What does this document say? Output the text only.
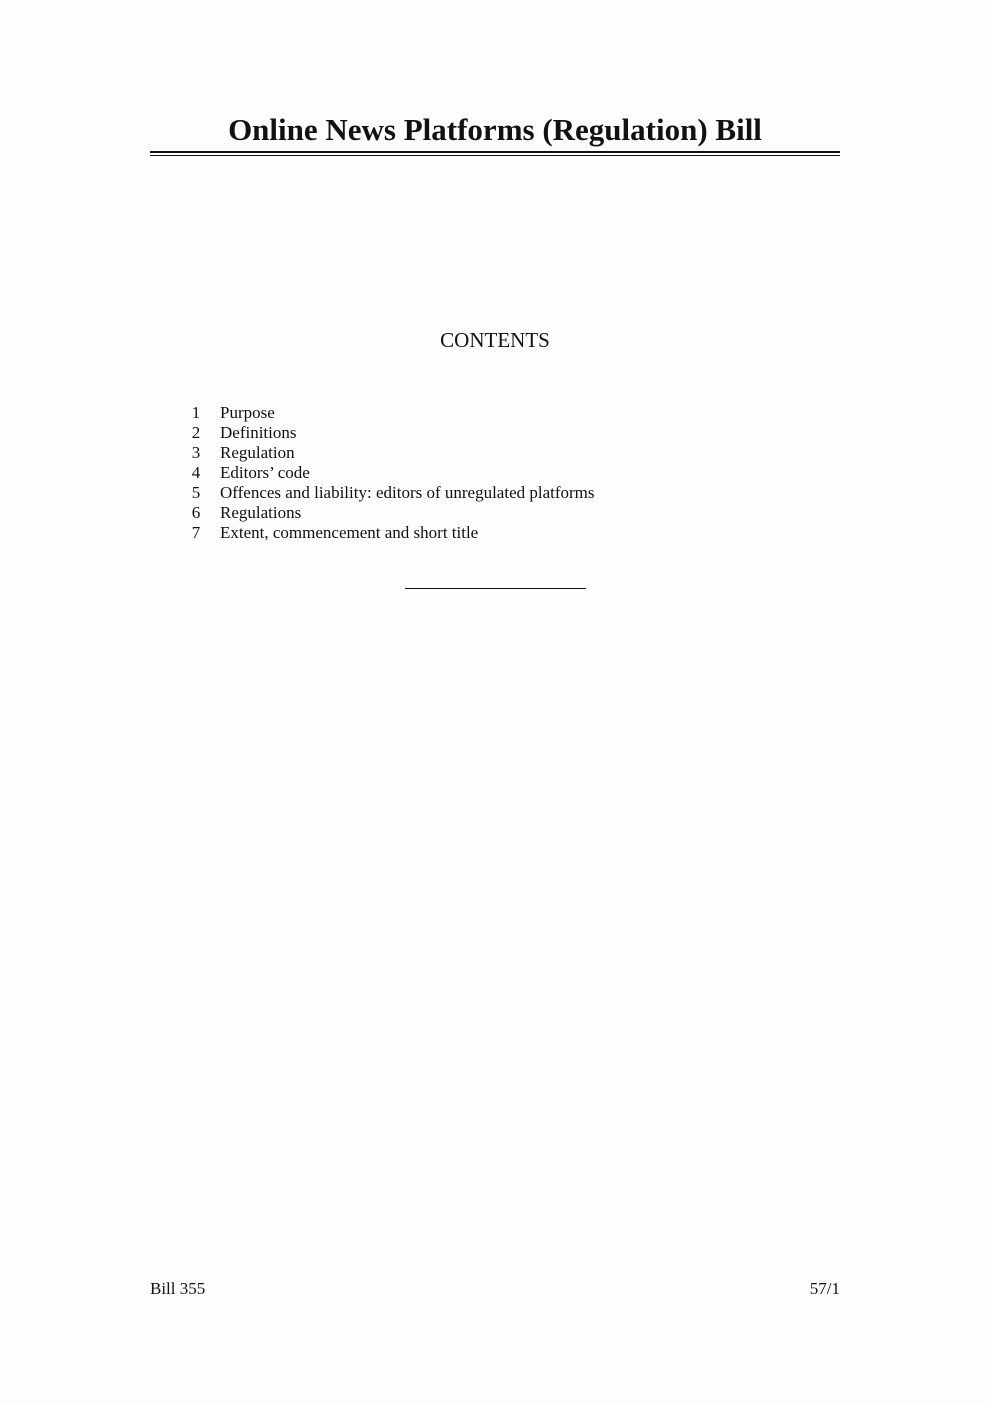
Online News Platforms (Regulation) Bill
CONTENTS
1	Purpose
2	Definitions
3	Regulation
4	Editors’ code
5	Offences and liability: editors of unregulated platforms
6	Regulations
7	Extent, commencement and short title
Bill 355	57/1
